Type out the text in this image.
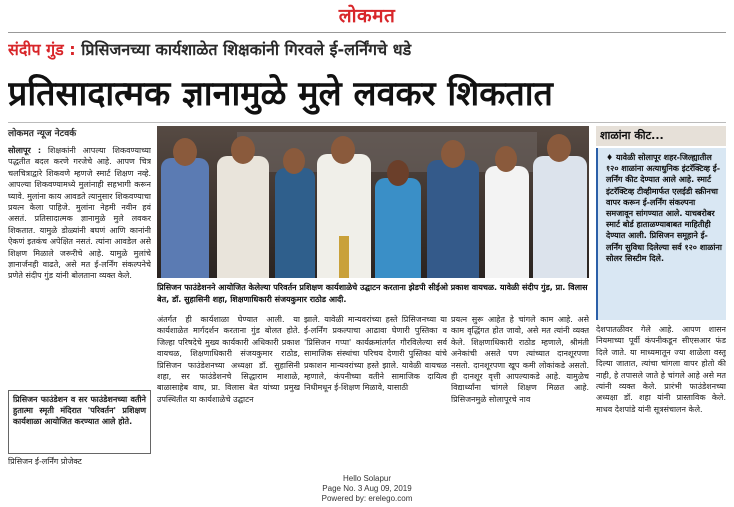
लोकमत
संदीप गुंड : प्रिसिजनच्या कार्यशाळेत शिक्षकांनी गिरवले ई-लर्निंगचे धडे
प्रतिसादात्मक ज्ञानामुळे मुले लवकर शिकतात
लोकमत न्यूज नेटवर्क
सोलापूर : शिक्षकांनी आपल्या शिकवण्याच्या पद्धतीत बदल करणे गरजेचे आहे. आपण चित्र चलचित्राद्वारे शिकवणे म्हणजे स्मार्ट शिक्षण नव्हे. आपल्या शिकवण्यामध्ये मुलांनाही सहभागी करून घ्यावे. मुलांना काय आवडते त्यानुसार शिकवण्याचा प्रयत्न केला पाहिजे. मुलांना नेहमी नवीन हवं असतं. प्रतिसादात्मक ज्ञानामुळे मुले लवकर शिकतात. यामुळे डोळ्यांनी बघणं आणि कानांनी ऐकणं इतकंच अपेक्षित नसतं. त्यांना आवडेल असे शिक्षण मिळाले जरूरीचे आहे. यामुळे मुलांचे ज्ञानार्जनही वाढते, असे मत ई-लर्निंग संकल्पनेचे प्रणेते संदीप गुंड यांनी बोलताना व्यक्त केले.
प्रिसिजन फाउंडेशन व सर फाउंडेशनच्या वतीने हुतात्मा स्मृती मंदिरात 'परिवर्तन' प्रशिक्षण कार्यशाळा आयोजित करण्यात आले होते.
प्रिसिजन ई-लर्निंग प्रोजेक्ट
प्रिसिजन फाउंडेशनने आयोजित केलेल्या परिवर्तन प्रशिक्षण कार्यशाळेचे उद्घाटन करताना झेडपी सीईओ प्रकाश वायचळ. यावेळी संदीप गुंड, प्रा. विलास बेत, डॉ. सुहासिनी शहा, शिक्षणाधिकारी संजयकुमार राठोड आदी.
शाळांना कीट...
♦ यावेळी सोलापूर शहर-जिल्ह्यातील १२० शाळांना अत्याधुनिक इंटरॅक्टिव्ह ई-लर्निंग कीट देण्यात आले आहे. स्मार्ट इंटरॅक्टिव्ह टीव्हीमार्फत एलईडी स्क्रीनचा वापर करून ई-लर्निंग संकल्पना समजावून सांगण्यात आले. याचबरोबर स्मार्ट बोर्ड हाताळण्याबाबत माहितीही देण्यात आली. प्रिसिजन समूहाने ई-लर्निंग सुविधा दिलेल्या सर्व १२० शाळांना सोलर सिस्टीम दिले.
अंतर्गत ही कार्यशाळा घेण्यात आली. या कार्यशाळेत मार्गदर्शन करताना गुंड बोलत होते. जिल्हा परिषदेचे मुख्य कार्यकारी अधिकारी प्रकाश वायचळ, शिक्षणाधिकारी संजयकुमार राठोड, प्रिसिजन फाउंडेशनच्या अध्यक्षा डॉ. सुहासिनी शहा, सर फाउंडेशनचे सिद्धाराम माशाळे, बाळासाहेब वाघ, प्रा. विलास बेत यांच्या प्रमुख उपस्थितीत या कार्यशाळेचे उद्घाटन
झाले. यावेळी मान्यवरांच्या हस्ते प्रिसिजनच्या या ई-लर्निंग प्रकल्पाचा आढावा घेणारी पुस्तिका व 'प्रिसिजन गप्पा' कार्यक्रमांतर्गत गौरविलेल्या सर्व सामाजिक संस्थांचा परिचय देणारी पुस्तिका यांचे प्रकाशन मान्यवरांच्या हस्ते झाले. यावेळी वायचळ म्हणाले, कंपनीच्या वतीने सामाजिक दायित्व निधीमधून ई-शिक्षण मिळावे, यासाठी
प्रयत्न सुरू आहेत हे चांगले काम आहे. असे काम वृद्धिंगत होत जावो, असे मत त्यांनी व्यक्त केले. शिक्षणाधिकारी राठोड म्हणाले, श्रीमंती अनेकांची असते पण त्यांच्यात दानशूरपणा नसतो. दानशूरपणा खूप कमी लोकांकडे असतो. ही दानशूर वृत्ती आपल्याकडे आहे. यामुळेच विद्यार्थ्यांना चांगले शिक्षण मिळत आहे. प्रिसिजनमुळे सोलापूरचे नाव
देशपातळीवर गेले आहे. आपण शासन नियमाच्या पूर्वी कंपनीकडून सीएसआर फंड दिले जाते. या माध्यमातून ज्या शाळेला वस्तू दिल्या जातात, त्यांचा चांगला वापर होतो की नाही, हे तपासले जाते हे चांगले आहे असे मत त्यांनी व्यक्त केले. प्रारंभी फाउंडेशनच्या अध्यक्षा डॉ. शहा यांनी प्रास्ताविक केले. माधव देशपांडे यांनी सूत्रसंचालन केले.
Hello Solapur
Page No. 3 Aug 09, 2019
Powered by: erelego.com
